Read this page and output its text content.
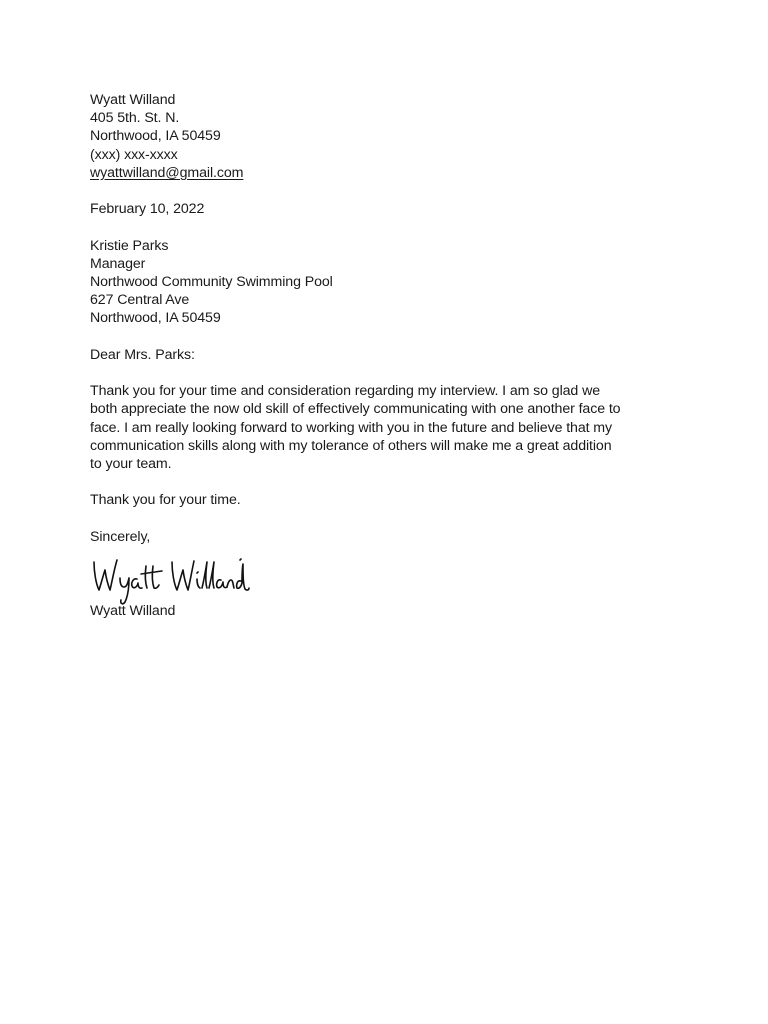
Wyatt Willand
405 5th. St. N.
Northwood, IA 50459
(xxx) xxx-xxxx
wyattwilland@gmail.com
February 10, 2022
Kristie Parks
Manager
Northwood Community Swimming Pool
627 Central Ave
Northwood, IA 50459
Dear Mrs. Parks:
Thank you for your time and consideration regarding my interview. I am so glad we
both appreciate the now old skill of effectively communicating with one another face to
face. I am really looking forward to working with you in the future and believe that my
communication skills along with my tolerance of others will make me a great addition
to your team.
Thank you for your time.
Sincerely,
Wyatt Willand
